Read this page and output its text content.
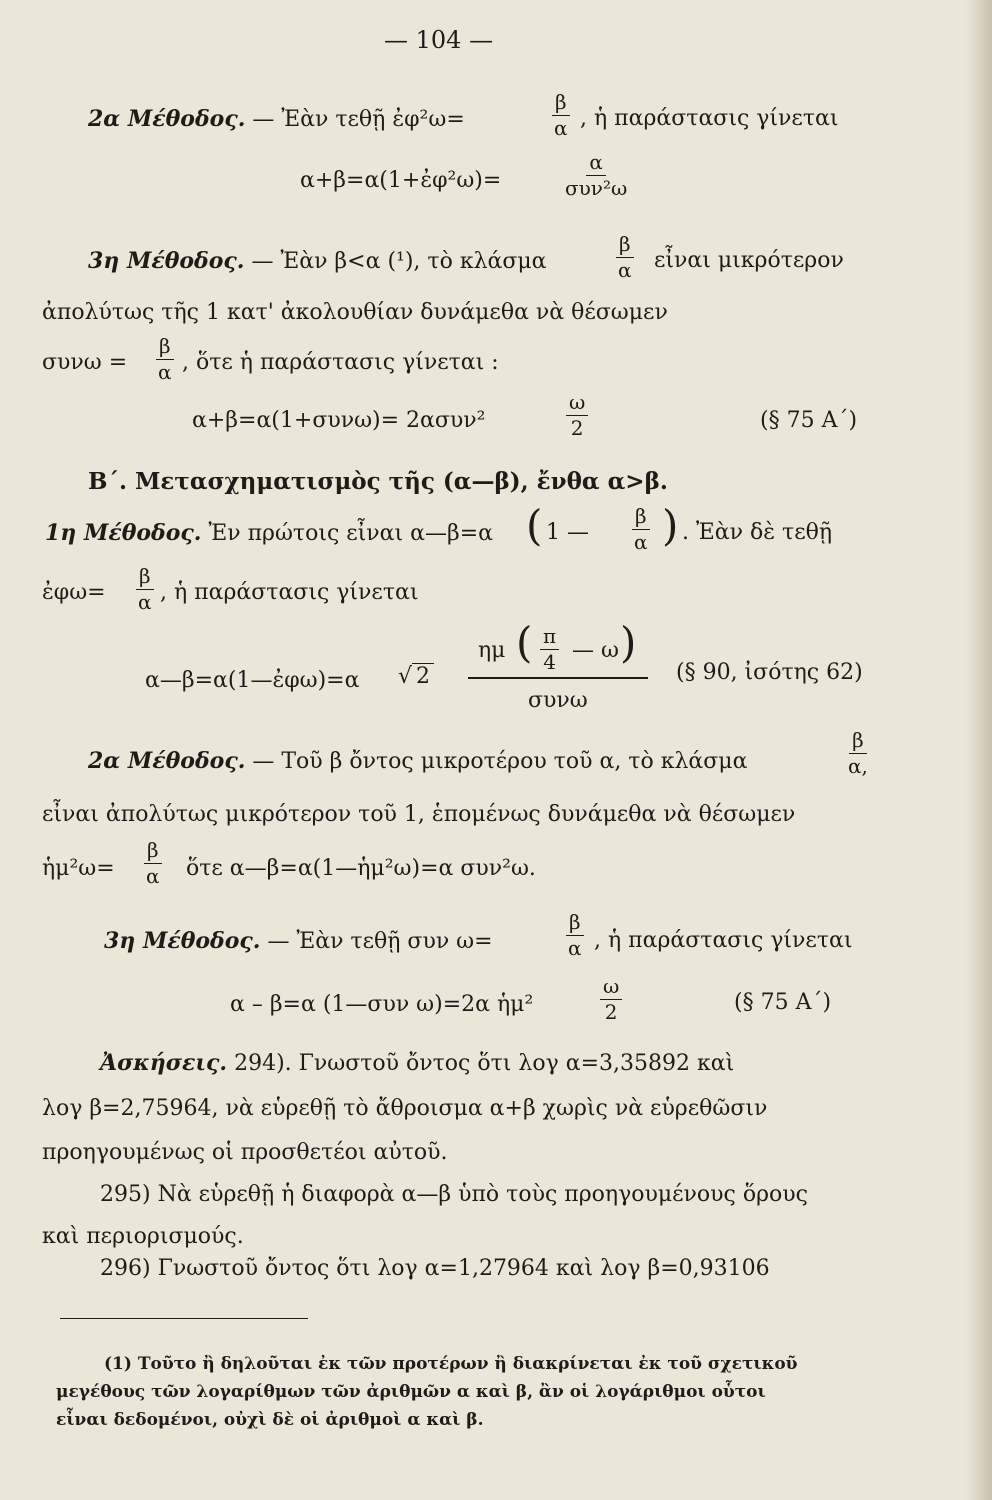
— 104 —
2α Μέθοδος. — Ἐὰν τεθῇ ἐφ²ω=	$\frac{\beta}{\alpha}$ , ἡ παράστασις γίνεται
α+β=α(1+ἐφ²ω)=
α
συν²ω
3η Μέθοδος. — Ἐὰν β<α (¹), τὸ κλάσμα	$\frac{\beta}{\alpha}$ εἶναι μικρότερον
ἀπολύτως τῆς 1 κατ' ἀκολουθίαν δυνάμεθα νὰ θέσωμεν
$\sigma\upsilon\nu\omega = \frac{\beta}{\alpha}$ , ὅτε ἡ παράστασις γίνεται :
α+β=α(1+συνω)= 2ασυν²	$\frac{\omega}{2}$	(§ 75 Α΄)
Β΄. Μετασχηματισμὸς τῆς (α—β), ἔνθα α>β.
1η Μέθοδος. Ἐν πρώτοις εἶναι α—β=α ( 1 — $\frac{\beta}{\alpha}$ ) . Ἐὰν δὲ τεθῇ
ἐφω= $\frac{\beta}{\alpha}$ , ἡ παράστασις γίνεται
α—β=α(1—ἐφω)=α √ 2
ημ ( $\frac{\pi}{4}$ — ω )
συνω
(§ 90, ἰσότης 62)
2α Μέθοδος. — Τοῦ β ὄντος μικροτέρου τοῦ α, τὸ κλάσμα	$\frac{\beta}{\alpha,}$
εἶναι ἀπολύτως μικρότερον τοῦ 1, ἑπομένως δυνάμεθα νὰ θέσωμεν
ἡμ²ω= $\frac{\beta}{\alpha}$ ὅτε α—β=α(1—ἡμ²ω)=α συν²ω.
3η Μέθοδος. — Ἐὰν τεθῇ συν ω=	$\frac{\beta}{\alpha}$ , ἡ παράστασις γίνεται
α – β=α (1—συν ω)=2α ἡμ²	$\frac{\omega}{2}$	(§ 75 Α΄)
Ἀσκήσεις. 294). Γνωστοῦ ὄντος ὅτι λογ α=3,35892 καὶ
λογ β=2,75964, νὰ εὑρεθῇ τὸ ἄθροισμα α+β χωρὶς νὰ εὑρεθῶσιν
προηγουμένως οἱ προσθετέοι αὐτοῦ.
295) Νὰ εὑρεθῇ ἡ διαφορὰ α—β ὑπὸ τοὺς προηγουμένους ὅρους
καὶ περιορισμούς.
296) Γνωστοῦ ὄντος ὅτι λογ α=1,27964 καὶ λογ β=0,93106
(1) Τοῦτο ἢ δηλοῦται ἐκ τῶν προτέρων ἢ διακρίνεται ἐκ τοῦ σχετικοῦ
μεγέθους τῶν λογαρίθμων τῶν ἀριθμῶν α καὶ β, ἂν οἱ λογάριθμοι οὗτοι
εἶναι δεδομένοι, οὐχὶ δὲ οἱ ἀριθμοὶ α καὶ β.
